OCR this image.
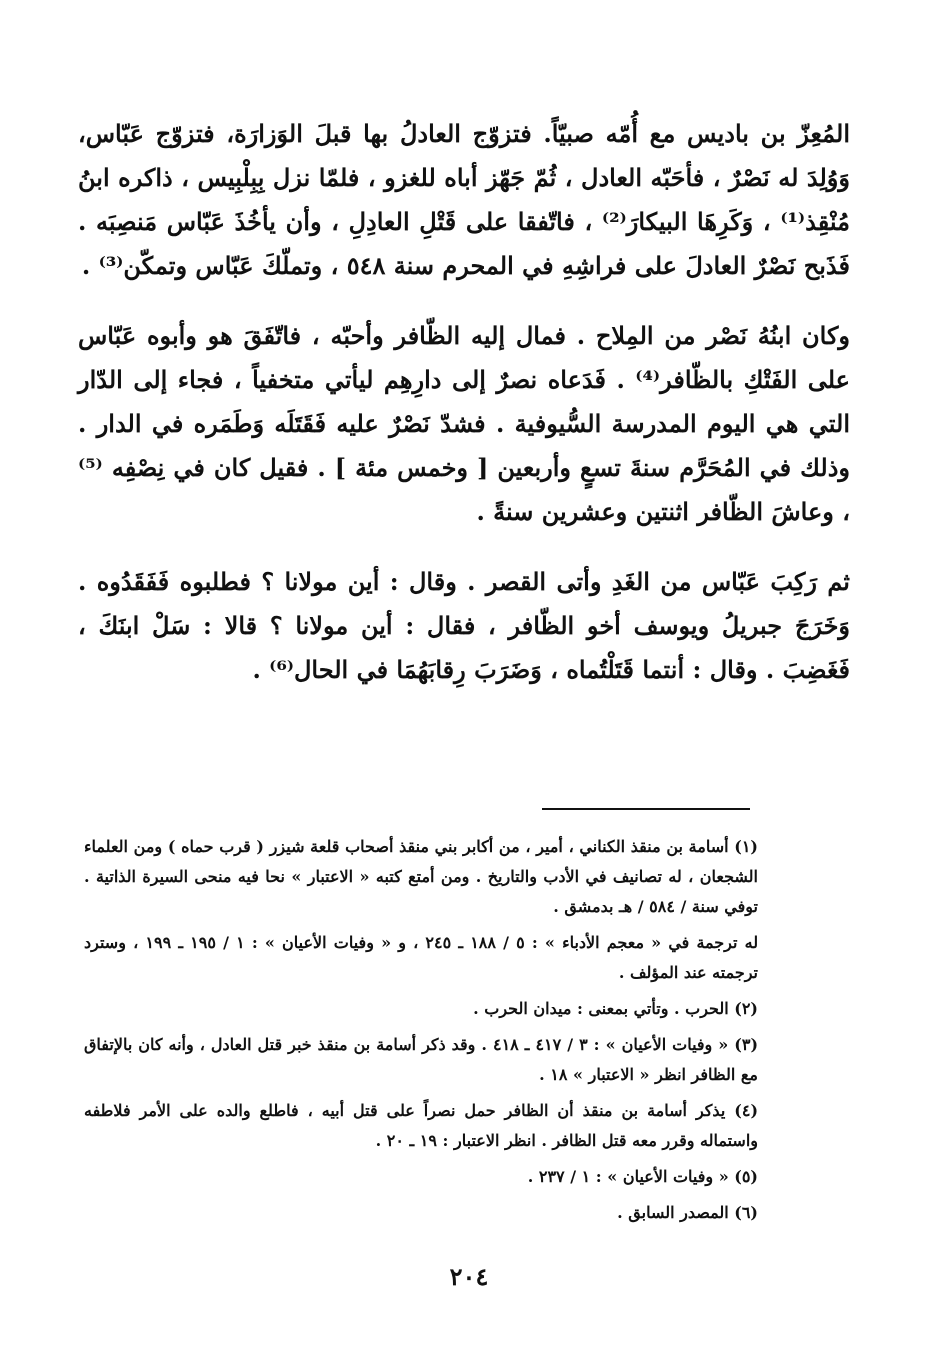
المُعِزّ بن باديس مع أُمّه صبيّاً. فتزوّج العادلُ بها قبلَ الوَزارَة، فتزوّج عَبّاس، وَوُلِدَ له نَصْرٌ ، فأحَبّه العادل ، ثُمّ جَهّز أباه للغزو ، فلمّا نزل بِبِلْبِيس ، ذاكره ابنُ مُنْقِذ⁽¹⁾ ، وَكَرِهَا البيكارَ⁽²⁾ ، فاتّفقا على قَتْلِ العادِلِ ، وأن يأخُذَ عَبّاس مَنصِبَه . فَذَبح نَصْرٌ العادلَ على فراشِهِ في المحرم سنة ٥٤٨ ، وتملّكَ عَبّاس وتمكّن⁽³⁾ .

وكان ابنُهُ نَصْر من المِلاح . فمال إليه الظّافر وأحبّه ، فاتّفَقَ هو وأبوه عَبّاس على الفَتْكِ بالظّافر⁽⁴⁾ . فَدَعاه نصرٌ إلى دارِهِم ليأتي متخفياً ، فجاء إلى الدّار التي هي اليوم المدرسة السُّيوفية . فشدّ نَصْرٌ عليه فَقَتَلَه وَطَمَره في الدار . وذلك في المُحَرَّم سنةَ تسعٍ وأربعين [ وخمس مئة ] . فقيل كان في نِصْفِه ⁽⁵⁾ ، وعاشَ الظّافر اثنتين وعشرين سنةً .

ثم رَكِبَ عَبّاس من الغَدِ وأتى القصر . وقال : أين مولانا ؟ فطلبوه فَفَقَدُوه . وَخَرَجَ جبريلُ ويوسف أخو الظّافر ، فقال : أين مولانا ؟ قالا : سَلْ ابنَكَ ، فَغَضِبَ . وقال : أنتما قَتَلْتُماه ، وَضَرَبَ رِقابَهُمَا في الحال⁽⁶⁾ .

(١) أسامة بن منقذ الكناني ، أمير ، من أكابر بني منقذ أصحاب قلعة شيزر ( قرب حماه ) ومن العلماء الشجعان ، له تصانيف في الأدب والتاريخ . ومن أمتع كتبه « الاعتبار » نحا فيه منحى السيرة الذاتية . توفي سنة / ٥٨٤ / هـ بدمشق .

له ترجمة في « معجم الأدباء » : ٥ / ١٨٨ ـ ٢٤٥ ، و « وفيات الأعيان » : ١ / ١٩٥ ـ ١٩٩ ، وسترد ترجمته عند المؤلف .

(٢) الحرب . وتأتي بمعنى : ميدان الحرب .

(٣) « وفيات الأعيان » : ٣ / ٤١٧ ـ ٤١٨ . وقد ذكر أسامة بن منقذ خبر قتل العادل ، وأنه كان بالإتفاق مع الظافر انظر « الاعتبار » ١٨ .

(٤) يذكر أسامة بن منقذ أن الظافر حمل نصراً على قتل أبيه ، فاطلع والده على الأمر فلاطفه واستماله وقرر معه قتل الظافر . انظر الاعتبار : ١٩ ـ ٢٠ .

(٥) « وفيات الأعيان » : ١ / ٢٣٧ .

(٦) المصدر السابق .

٢٠٤
